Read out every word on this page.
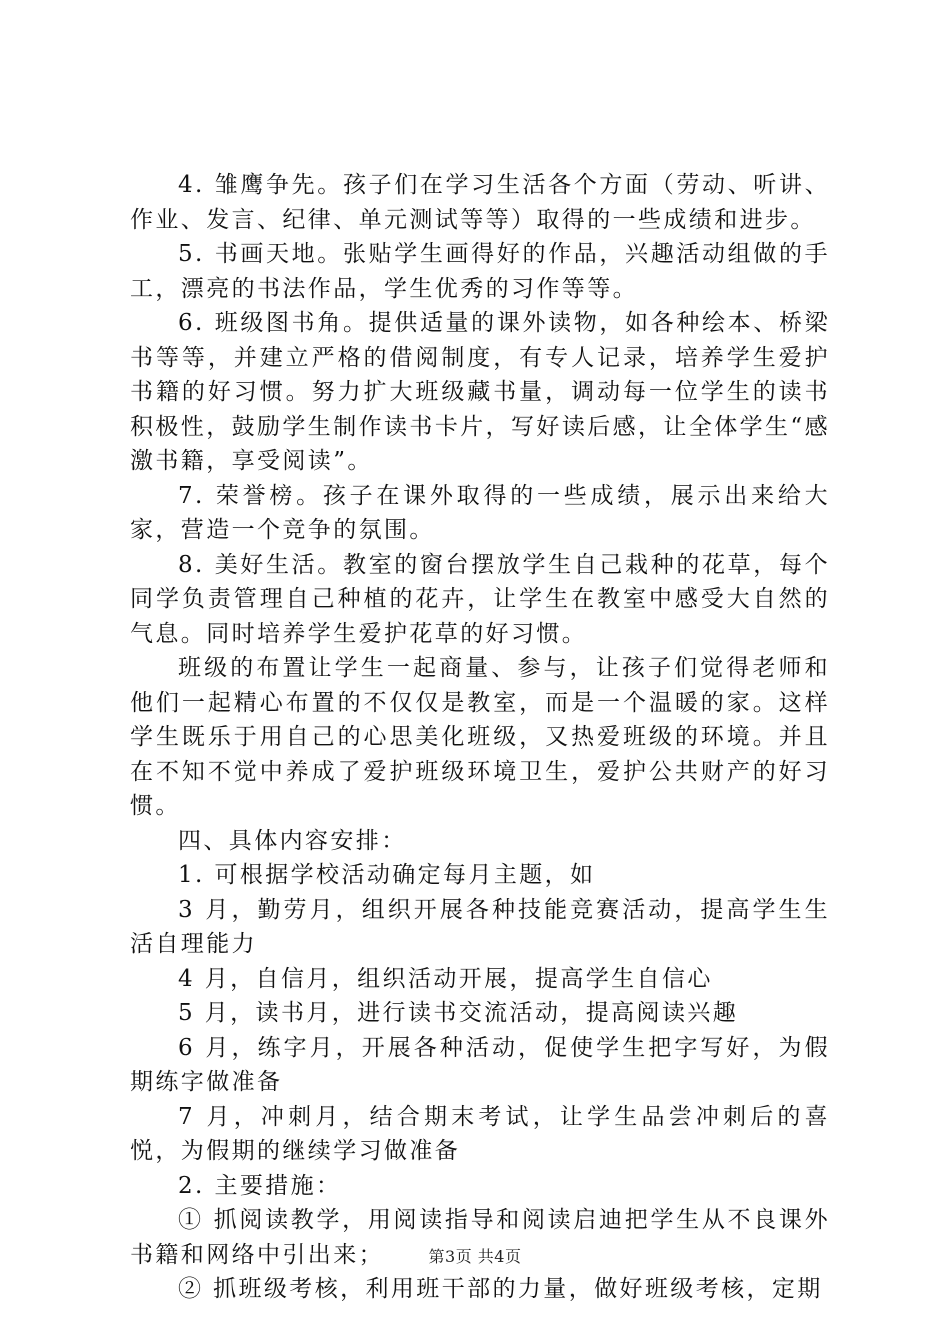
4. 雏鹰争先。孩子们在学习生活各个方面（劳动、听讲、作业、发言、纪律、单元测试等等）取得的一些成绩和进步。

5. 书画天地。张贴学生画得好的作品，兴趣活动组做的手工，漂亮的书法作品，学生优秀的习作等等。

6. 班级图书角。提供适量的课外读物，如各种绘本、桥梁书等等，并建立严格的借阅制度，有专人记录，培养学生爱护书籍的好习惯。努力扩大班级藏书量，调动每一位学生的读书积极性，鼓励学生制作读书卡片，写好读后感，让全体学生“感激书籍，享受阅读”。

7. 荣誉榜。孩子在课外取得的一些成绩，展示出来给大家，营造一个竞争的氛围。

8. 美好生活。教室的窗台摆放学生自己栽种的花草，每个同学负责管理自己种植的花卉，让学生在教室中感受大自然的气息。同时培养学生爱护花草的好习惯。

班级的布置让学生一起商量、参与，让孩子们觉得老师和他们一起精心布置的不仅仅是教室，而是一个温暖的家。这样学生既乐于用自己的心思美化班级，又热爱班级的环境。并且在不知不觉中养成了爱护班级环境卫生，爱护公共财产的好习惯。

四、具体内容安排：

1. 可根据学校活动确定每月主题，如

3 月，勤劳月，组织开展各种技能竞赛活动，提高学生生活自理能力

4 月，自信月，组织活动开展，提高学生自信心

5 月，读书月，进行读书交流活动，提高阅读兴趣

6 月，练字月，开展各种活动，促使学生把字写好，为假期练字做准备

7 月，冲刺月，结合期末考试，让学生品尝冲刺后的喜悦，为假期的继续学习做准备

2. 主要措施：

① 抓阅读教学，用阅读指导和阅读启迪把学生从不良课外书籍和网络中引出来；

② 抓班级考核，利用班干部的力量，做好班级考核，定期

第3页 共4页
